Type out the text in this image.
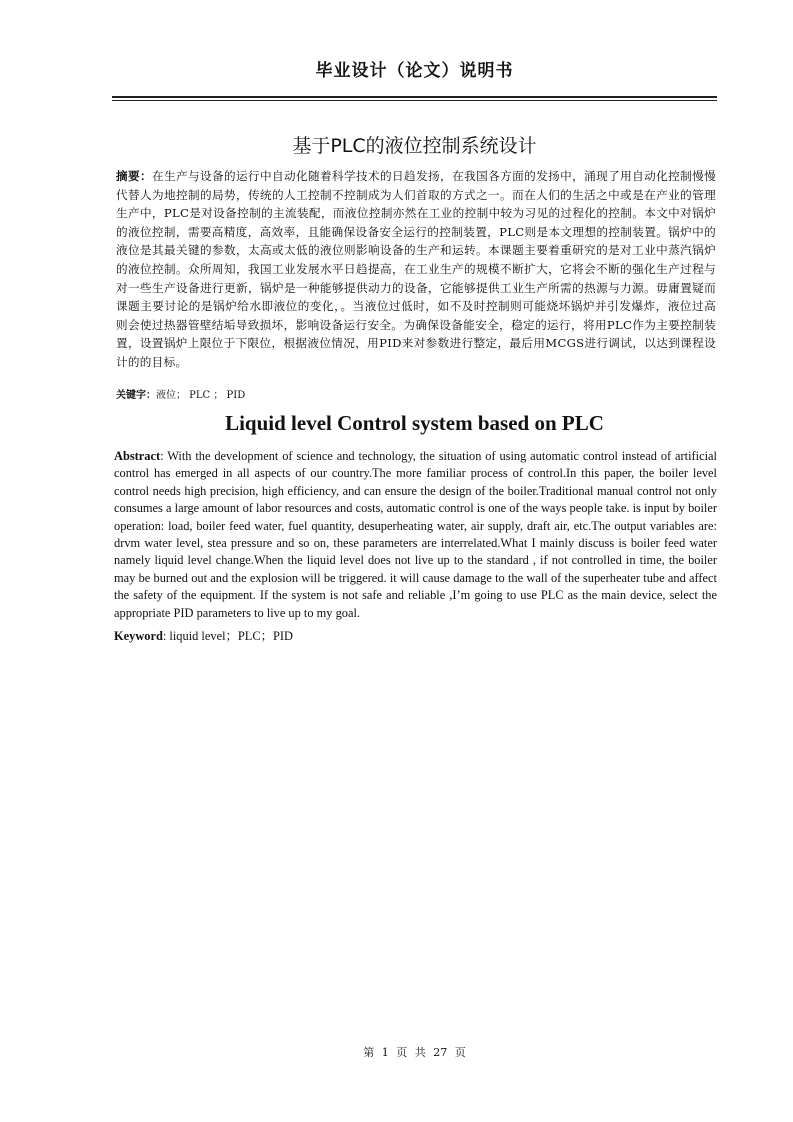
毕业设计（论文）说明书
基于PLC的液位控制系统设计
摘要：在生产与设备的运行中自动化随着科学技术的日趋发扬，在我国各方面的发扬中，涌现了用自动化控制慢慢代替人为地控制的局势，传统的人工控制不控制成为人们首取的方式之一。而在人们的生活之中或是在产业的管理生产中，PLC是对设备控制的主流装配，而液位控制亦然在工业的控制中较为习见的过程化的控制。本文中对锅炉的液位控制，需要高精度，高效率，且能确保设备安全运行的控制装置，PLC则是本文理想的控制装置。锅炉中的液位是其最关键的参数，太高或太低的液位则影响设备的生产和运转。本课题主要着重研究的是对工业中蒸汽锅炉的液位控制。众所周知，我国工业发展水平日趋提高，在工业生产的规模不断扩大，它将会不断的强化生产过程与对一些生产设备进行更新，锅炉是一种能够提供动力的设备，它能够提供工业生产所需的热源与力源。毋庸置疑而课题主要讨论的是锅炉给水即液位的变化，。当液位过低时，如不及时控制则可能烧坏锅炉并引发爆炸，液位过高则会使过热器管壁结垢导致损坏，影响设备运行安全。为确保设备能安全，稳定的运行，将用PLC作为主要控制装置，设置锅炉上限位于下限位，根据液位情况，用PID来对参数进行整定，最后用MCGS进行调试，以达到课程设计的的目标。
关键字：液位； PLC ； PID
Liquid level Control system based on PLC
Abstract: With the development of science and technology, the situation of using automatic control instead of artificial control has emerged in all aspects of our country.The more familiar process of control.In this paper, the boiler level control needs high precision, high efficiency, and can ensure the design of the boiler.Traditional manual control not only consumes a large amount of labor resources and costs, automatic control is one of the ways people take. is input by boiler operation: load, boiler feed water, fuel quantity, desuperheating water, air supply, draft air, etc.The output variables are: drvm water level, stea pressure and so on, these parameters are interrelated.What I mainly discuss is boiler feed water namely liquid level change.When the liquid level does not live up to the standard , if not controlled in time, the boiler may be burned out and the explosion will be triggered. it will cause damage to the wall of the superheater tube and affect the safety of the equipment. If the system is not safe and reliable ,I’m going to use PLC as the main device, select the appropriate PID parameters to live up to my goal.
Keyword: liquid level；PLC；PID
第 1 页 共 27 页
